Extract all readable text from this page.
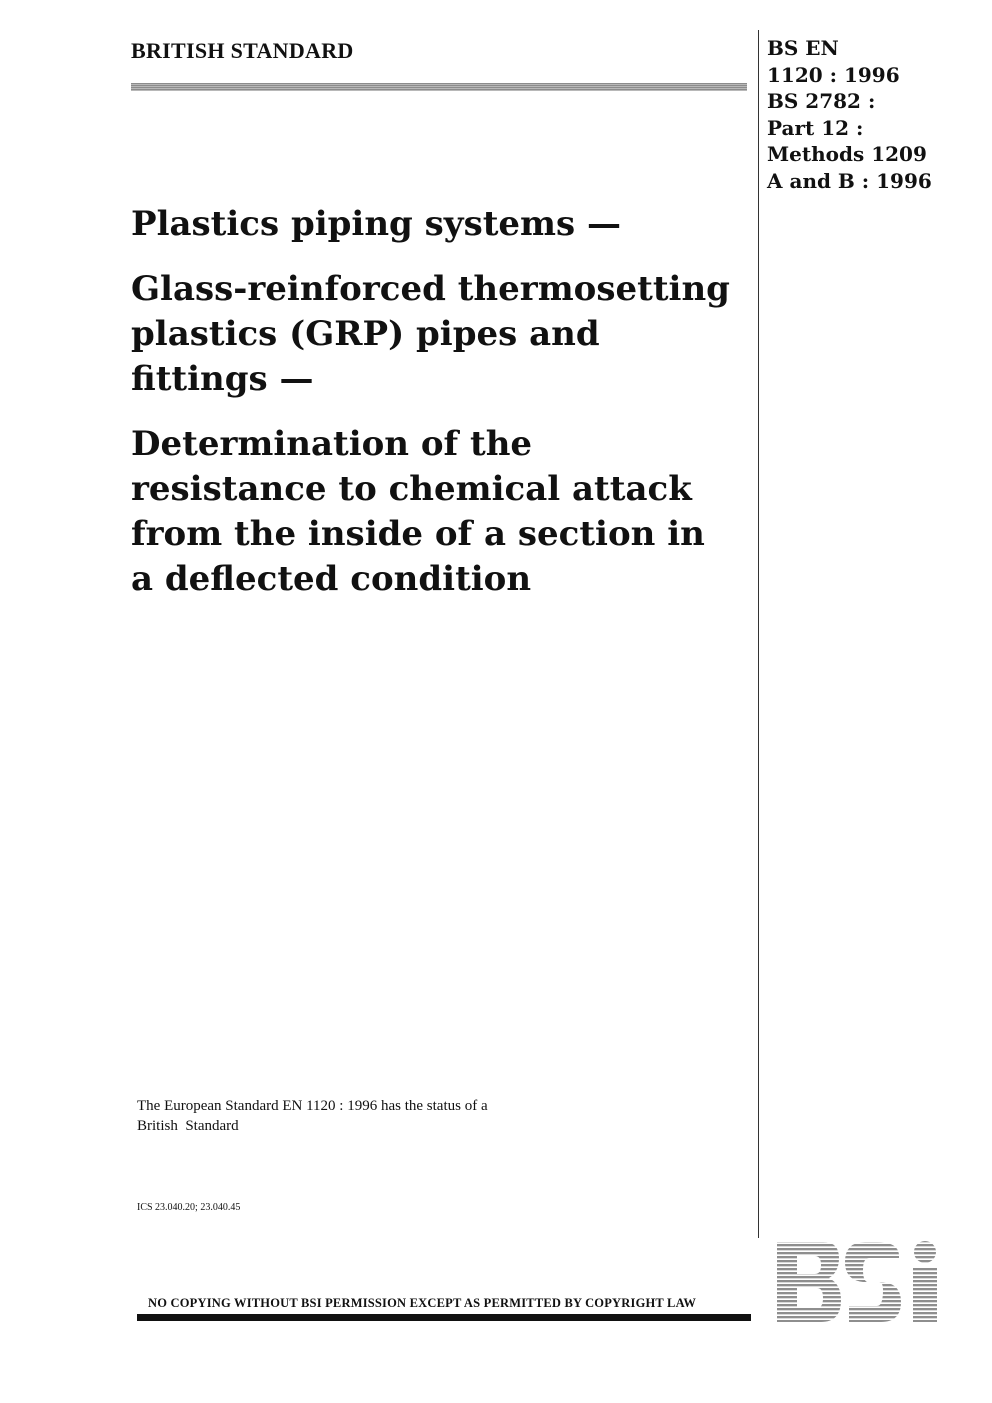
BRITISH STANDARD	BS EN
1120 : 1996
BS 2782 :
Part 12 :
Methods 1209
A and B : 1996
Plastics piping systems —
Glass-reinforced thermosetting
plastics (GRP) pipes and
fittings —
Determination of the
resistance to chemical attack
from the inside of a section in
a deflected condition
The European Standard EN 1120 : 1996 has the status of a
British  Standard
ICS 23.040.20; 23.040.45
NO COPYING WITHOUT BSI PERMISSION EXCEPT AS PERMITTED BY COPYRIGHT LAW
